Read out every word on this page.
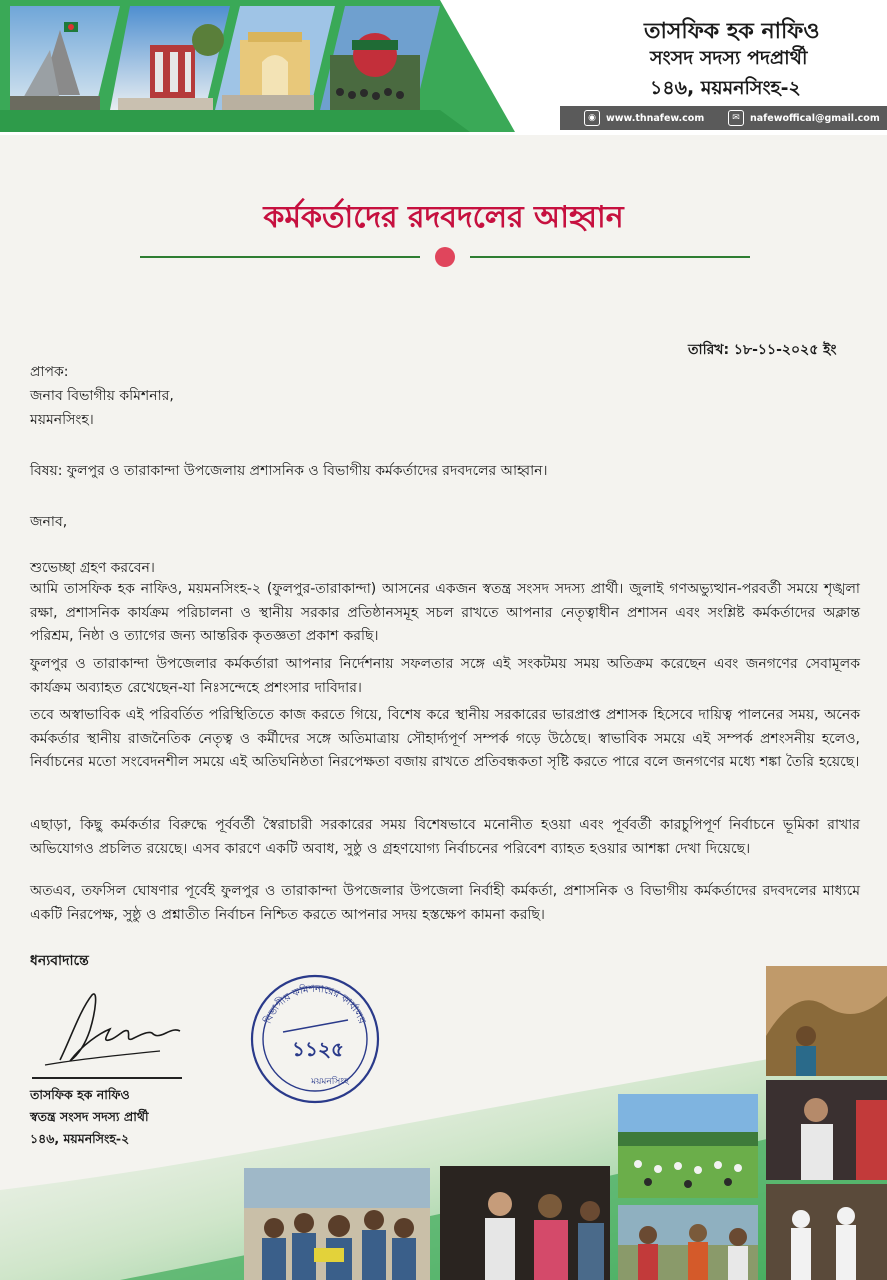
তাসফিক হক নাফিও
সংসদ সদস্য পদপ্রার্থী
১৪৬, ময়মনসিংহ-২
◉	www.thnafew.com	✉	nafewoffical@gmail.com
কর্মকর্তাদের রদবদলের আহ্বান
তারিখ: ১৮-১১-২০২৫ ইং
প্রাপক:
জনাব বিভাগীয় কমিশনার,
ময়মনসিংহ।
বিষয়: ফুলপুর ও তারাকান্দা উপজেলায় প্রশাসনিক ও বিভাগীয় কর্মকর্তাদের রদবদলের আহ্বান।
জনাব,
শুভেচ্ছা গ্রহণ করবেন।
আমি তাসফিক হক নাফিও, ময়মনসিংহ-২ (ফুলপুর-তারাকান্দা) আসনের একজন স্বতন্ত্র সংসদ সদস্য প্রার্থী। জুলাই গণঅভ্যুত্থান-পরবর্তী সময়ে শৃঙ্খলা রক্ষা, প্রশাসনিক কার্যক্রম পরিচালনা ও স্থানীয় সরকার প্রতিষ্ঠানসমূহ সচল রাখতে আপনার নেতৃত্বাধীন প্রশাসন এবং সংশ্লিষ্ট কর্মকর্তাদের অক্লান্ত পরিশ্রম, নিষ্ঠা ও ত্যাগের জন্য আন্তরিক কৃতজ্ঞতা প্রকাশ করছি।
ফুলপুর ও তারাকান্দা উপজেলার কর্মকর্তারা আপনার নির্দেশনায় সফলতার সঙ্গে এই সংকটময় সময় অতিক্রম করেছেন এবং জনগণের সেবামূলক কার্যক্রম অব্যাহত রেখেছেন-যা নিঃসন্দেহে প্রশংসার দাবিদার।
তবে অস্বাভাবিক এই পরিবর্তিত পরিস্থিতিতে কাজ করতে গিয়ে, বিশেষ করে স্থানীয় সরকারের ভারপ্রাপ্ত প্রশাসক হিসেবে দায়িত্ব পালনের সময়, অনেক কর্মকর্তার স্থানীয় রাজনৈতিক নেতৃত্ব ও কর্মীদের সঙ্গে অতিমাত্রায় সৌহার্দ্যপূর্ণ সম্পর্ক গড়ে উঠেছে। স্বাভাবিক সময়ে এই সম্পর্ক প্রশংসনীয় হলেও, নির্বাচনের মতো সংবেদনশীল সময়ে এই অতিঘনিষ্ঠতা নিরপেক্ষতা বজায় রাখতে প্রতিবন্ধকতা সৃষ্টি করতে পারে বলে জনগণের মধ্যে শঙ্কা তৈরি হয়েছে।
এছাড়া, কিছু কর্মকর্তার বিরুদ্ধে পূর্ববর্তী স্বৈরাচারী সরকারের সময় বিশেষভাবে মনোনীত হওয়া এবং পূর্ববর্তী কারচুপিপূর্ণ নির্বাচনে ভূমিকা রাখার অভিযোগও প্রচলিত রয়েছে। এসব কারণে একটি অবাধ, সুষ্ঠু ও গ্রহণযোগ্য নির্বাচনের পরিবেশ ব্যাহত হওয়ার আশঙ্কা দেখা দিয়েছে।
অতএব, তফসিল ঘোষণার পূর্বেই ফুলপুর ও তারাকান্দা উপজেলার উপজেলা নির্বাহী কর্মকর্তা, প্রশাসনিক ও বিভাগীয় কর্মকর্তাদের রদবদলের মাধ্যমে একটি নিরপেক্ষ, সুষ্ঠু ও প্রশ্নাতীত নির্বাচন নিশ্চিত করতে আপনার সদয় হস্তক্ষেপ কামনা করছি।
ধন্যবাদান্তে
তাসফিক হক নাফিও
স্বতন্ত্র সংসদ সদস্য প্রার্থী
১৪৬, ময়মনসিংহ-২
বিভাগীয় কমিশনারের কার্যালয়
১১২৫
ময়মনসিংহ
